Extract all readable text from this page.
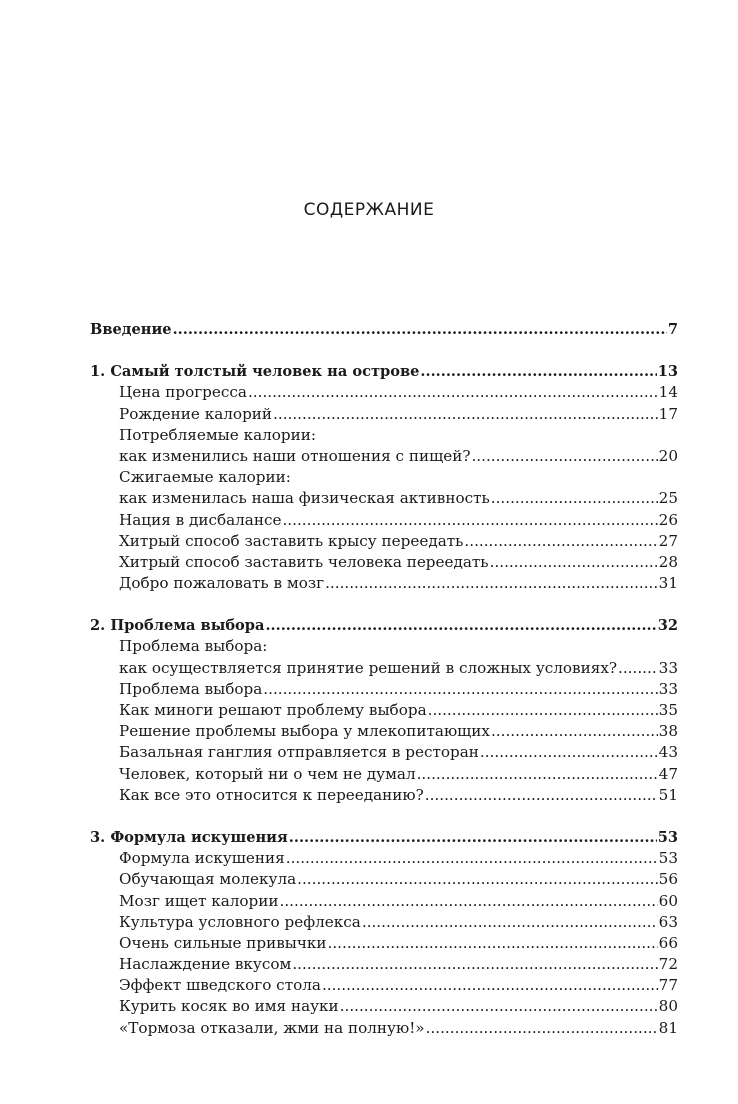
СОДЕРЖАНИЕ
Введение .....	7
1. Самый толстый человек на острове .....	13
Цена прогресса .....	14
Рождение калорий .....	17
Потребляемые калории:
как изменились наши отношения с пищей? .....	20
Сжигаемые калории:
как изменилась наша физическая активность .....	25
Нация в дисбалансе .....	26
Хитрый способ заставить крысу переедать .....	27
Хитрый способ заставить человека переедать .....	28
Добро пожаловать в мозг .....	31
2. Проблема выбора .....	32
Проблема выбора:
как осуществляется принятие решений в сложных условиях? .....	33
Проблема выбора .....	33
Как миноги решают проблему выбора .....	35
Решение проблемы выбора у млекопитающих .....	38
Базальная ганглия отправляется в ресторан .....	43
Человек, который ни о чем не думал .....	47
Как все это относится к перееданию? .....	51
3. Формула искушения .....	53
Формула искушения .....	53
Обучающая молекула .....	56
Мозг ищет калории .....	60
Культура условного рефлекса .....	63
Очень сильные привычки .....	66
Наслаждение вкусом .....	72
Эффект шведского стола .....	77
Курить косяк во имя науки .....	80
«Тормоза отказали, жми на полную!» .....	81
